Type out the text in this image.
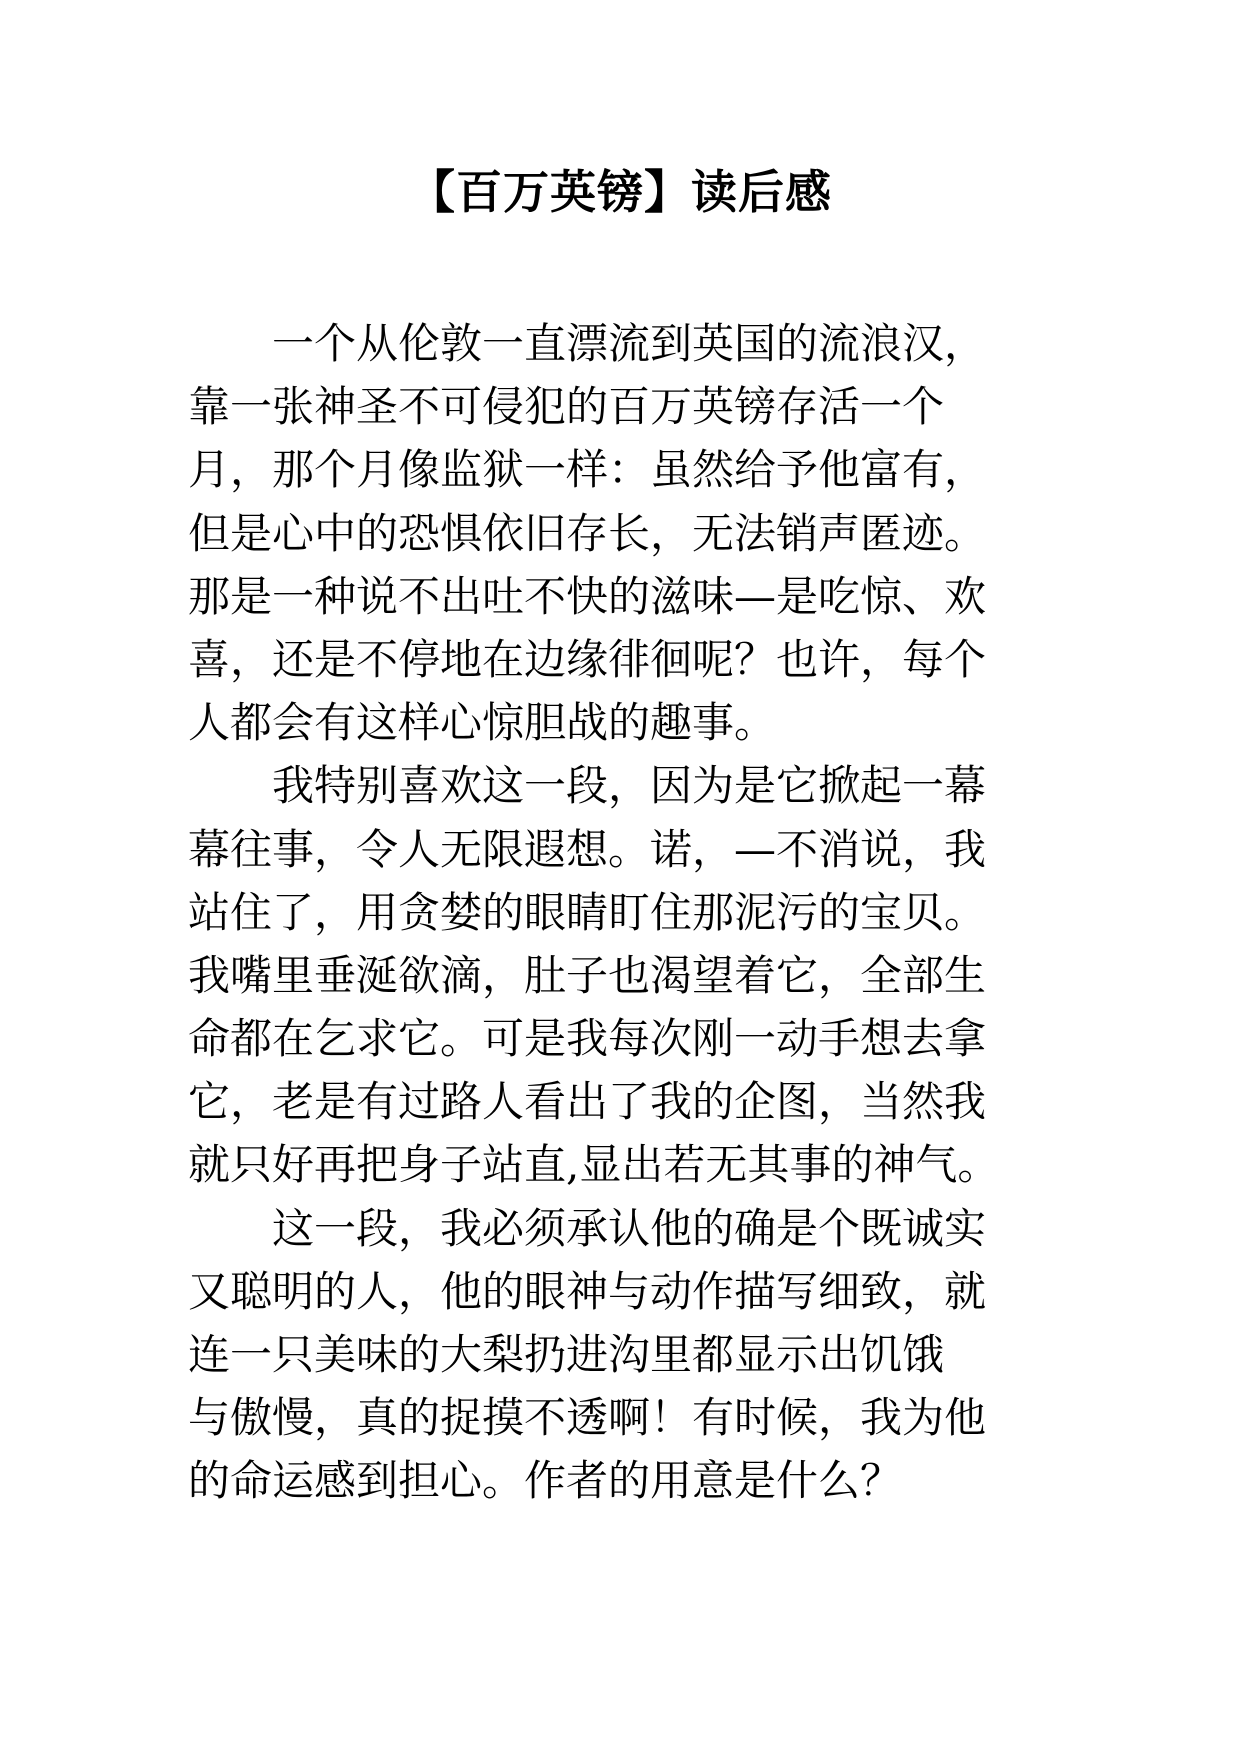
【百万英镑】读后感
　　一个从伦敦一直漂流到英国的流浪汉，
靠一张神圣不可侵犯的百万英镑存活一个
月，那个月像监狱一样：虽然给予他富有，
但是心中的恐惧依旧存长，无法销声匿迹。
那是一种说不出吐不快的滋味—是吃惊、欢
喜，还是不停地在边缘徘徊呢？也许，每个
人都会有这样心惊胆战的趣事。
　　我特别喜欢这一段，因为是它掀起一幕
幕往事，令人无限遐想。诺，—不消说，我
站住了，用贪婪的眼睛盯住那泥污的宝贝。
我嘴里垂涎欲滴，肚子也渴望着它，全部生
命都在乞求它。可是我每次刚一动手想去拿
它，老是有过路人看出了我的企图，当然我
就只好再把身子站直,显出若无其事的神气。
　　这一段，我必须承认他的确是个既诚实
又聪明的人，他的眼神与动作描写细致，就
连一只美味的大梨扔进沟里都显示出饥饿
与傲慢，真的捉摸不透啊！有时候，我为他
的命运感到担心。作者的用意是什么？
